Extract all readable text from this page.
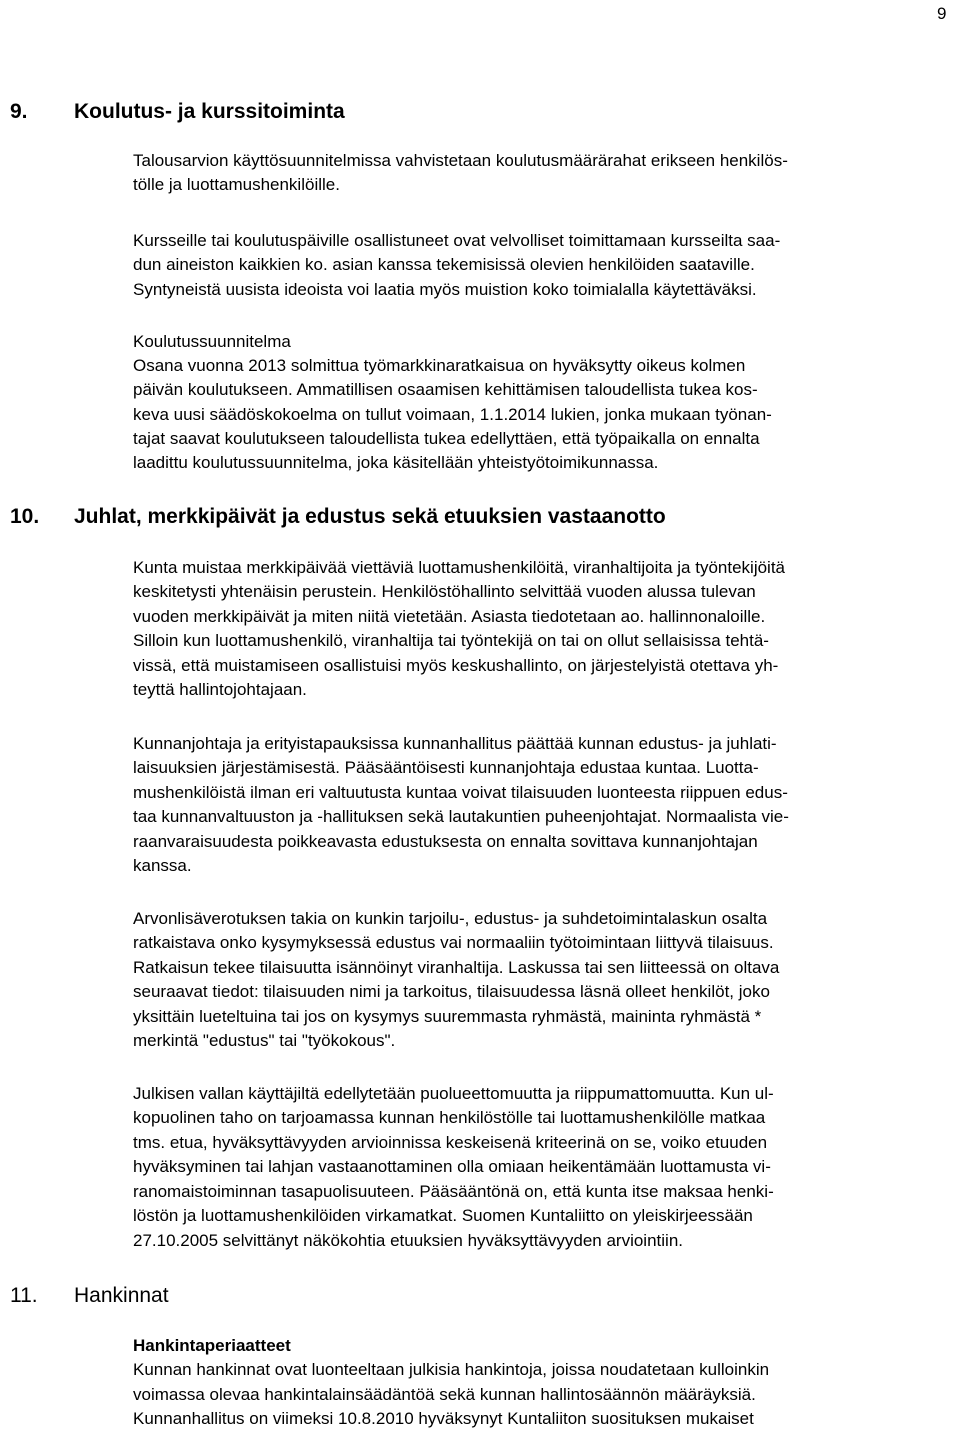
9
9. Koulutus- ja kurssitoiminta
Talousarvion käyttösuunnitelmissa vahvistetaan koulutusmäärärahat erikseen henkilös-
tölle ja luottamushenkilöille.
Kursseille tai koulutuspäiville osallistuneet ovat velvolliset toimittamaan kursseilta saa-
dun aineiston kaikkien ko. asian kanssa tekemisissä olevien henkilöiden saataville.
Syntyneistä uusista ideoista voi laatia myös muistion koko toimialalla käytettäväksi.
Koulutussuunnitelma
Osana vuonna 2013 solmittua työmarkkinaratkaisua on hyväksytty oikeus kolmen
päivän koulutukseen. Ammatillisen osaamisen kehittämisen taloudellista tukea kos-
keva uusi säädöskokoelma on tullut voimaan, 1.1.2014 lukien, jonka mukaan työnan-
tajat saavat koulutukseen taloudellista tukea edellyttäen, että työpaikalla on ennalta
laadittu koulutussuunnitelma, joka käsitellään yhteistyötoimikunnassa.
10. Juhlat, merkkipäivät ja edustus sekä etuuksien vastaanotto
Kunta muistaa merkkipäivää viettäviä luottamushenkilöitä, viranhaltijoita ja työntekijöitä
keskitetysti yhtenäisin perustein. Henkilöstöhallinto selvittää vuoden alussa tulevan
vuoden merkkipäivät ja miten niitä vietetään. Asiasta tiedotetaan ao. hallinnonaloille.
Silloin kun luottamushenkilö, viranhaltija tai työntekijä on tai on ollut sellaisissa tehtä-
vissä, että muistamiseen osallistuisi myös keskushallinto, on järjestelyistä otettava yh-
teyttä hallintojohtajaan.
Kunnanjohtaja ja erityistapauksissa kunnanhallitus päättää kunnan edustus- ja juhlati-
laisuuksien järjestämisestä. Pääsääntöisesti kunnanjohtaja edustaa kuntaa. Luotta-
mushenkilöistä ilman eri valtuutusta kuntaa voivat tilaisuuden luonteesta riippuen edus-
taa kunnanvaltuuston ja -hallituksen sekä lautakuntien puheenjohtajat. Normaalista vie-
raanvaraisuudesta poikkeavasta edustuksesta on ennalta sovittava kunnanjohtajan
kanssa.
Arvonlisäverotuksen takia on kunkin tarjoilu-, edustus- ja suhdetoimintalaskun osalta
ratkaistava onko kysymyksessä edustus vai normaaliin työtoimintaan liittyvä tilaisuus.
Ratkaisun tekee tilaisuutta isännöinyt viranhaltija. Laskussa tai sen liitteessä on oltava
seuraavat tiedot: tilaisuuden nimi ja tarkoitus, tilaisuudessa läsnä olleet henkilöt, joko
yksittäin lueteltuina tai jos on kysymys suuremmasta ryhmästä, maininta ryhmästä *
merkintä "edustus" tai "työkokous".
Julkisen vallan käyttäjiltä edellytetään puolueettomuutta ja riippumattomuutta. Kun ul-
kopuolinen taho on tarjoamassa kunnan henkilöstölle tai luottamushenkilölle matkaa
tms. etua, hyväksyttävyyden arvioinnissa keskeisenä kriteerinä on se, voiko etuuden
hyväksyminen tai lahjan vastaanottaminen olla omiaan heikentämään luottamusta vi-
ranomaistoiminnan tasapuolisuuteen. Pääsääntönä on, että kunta itse maksaa henki-
löstön ja luottamushenkilöiden virkamatkat. Suomen Kuntaliitto on yleiskirjeessään
27.10.2005 selvittänyt näkökohtia etuuksien hyväksyttävyyden arviointiin.
11. Hankinnat
Hankintaperiaatteet
Kunnan hankinnat ovat luonteeltaan julkisia hankintoja, joissa noudatetaan kulloinkin
voimassa olevaa hankintalainsäädäntöä sekä kunnan hallintosäännön määräyksiä.
Kunnanhallitus on viimeksi 10.8.2010 hyväksynyt Kuntaliiton suosituksen mukaiset
